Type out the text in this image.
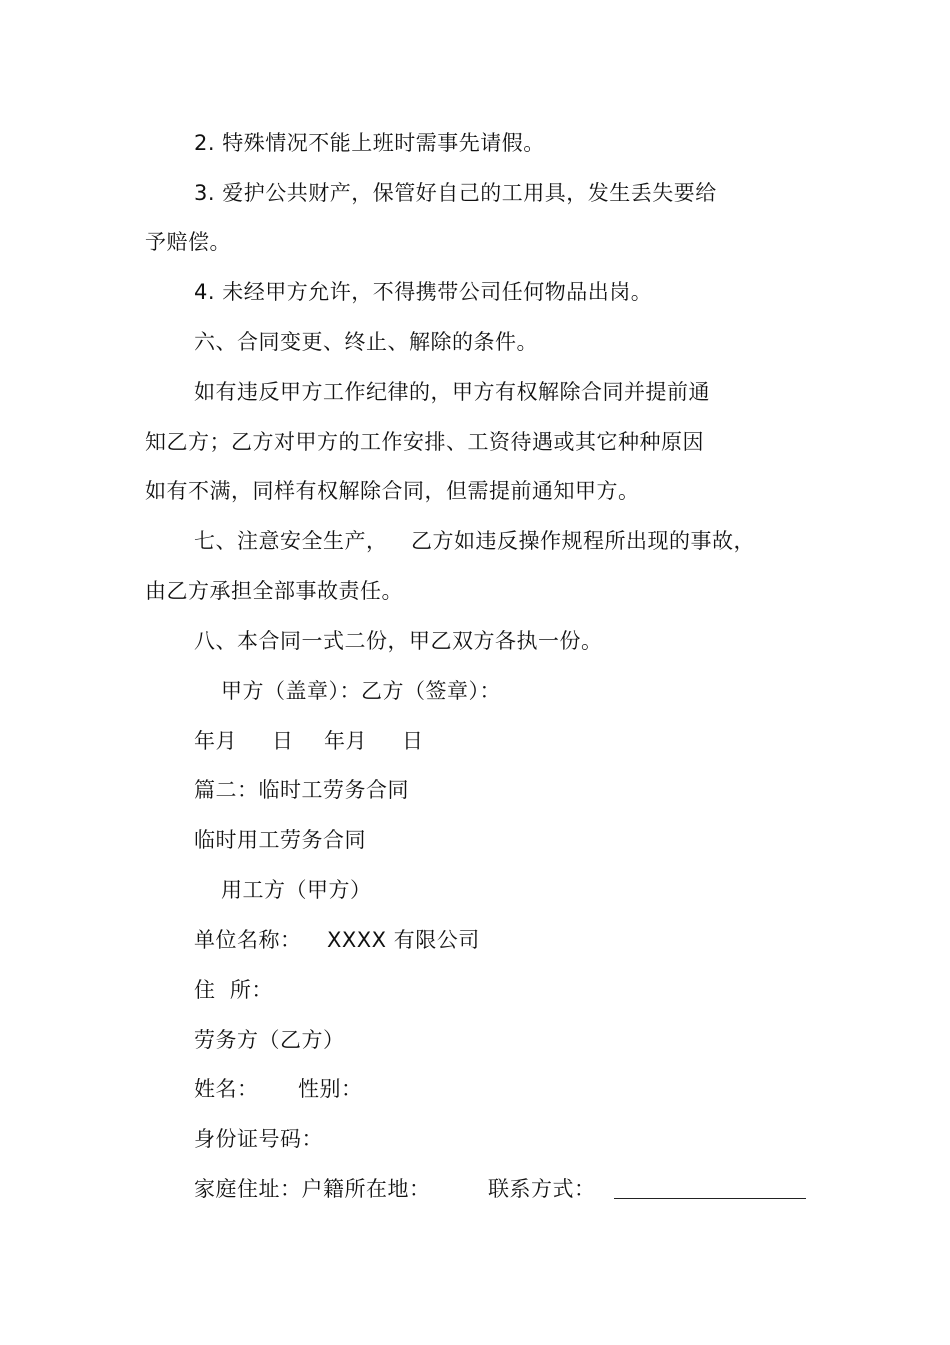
2. 特殊情况不能上班时需事先请假。
3. 爱护公共财产，保管好自己的工用具，发生丢失要给
予赔偿。
4. 未经甲方允许，不得携带公司任何物品出岗。
六、合同变更、终止、解除的条件。
如有违反甲方工作纪律的，甲方有权解除合同并提前通
知乙方；乙方对甲方的工作安排、工资待遇或其它种种原因
如有不满，同样有权解除合同，但需提前通知甲方。
七、注意安全生产， 乙方如违反操作规程所出现的事故，
由乙方承担全部事故责任。
八、本合同一式二份，甲乙双方各执一份。
甲方（盖章）：乙方（签章）：
年月 日 年月 日
篇二：临时工劳务合同
临时用工劳务合同
用工方（甲方）
单位名称： XXXX 有限公司
住  所：
劳务方（乙方）
姓名： 性别：
身份证号码：
家庭住址：户籍所在地：	联系方式：
